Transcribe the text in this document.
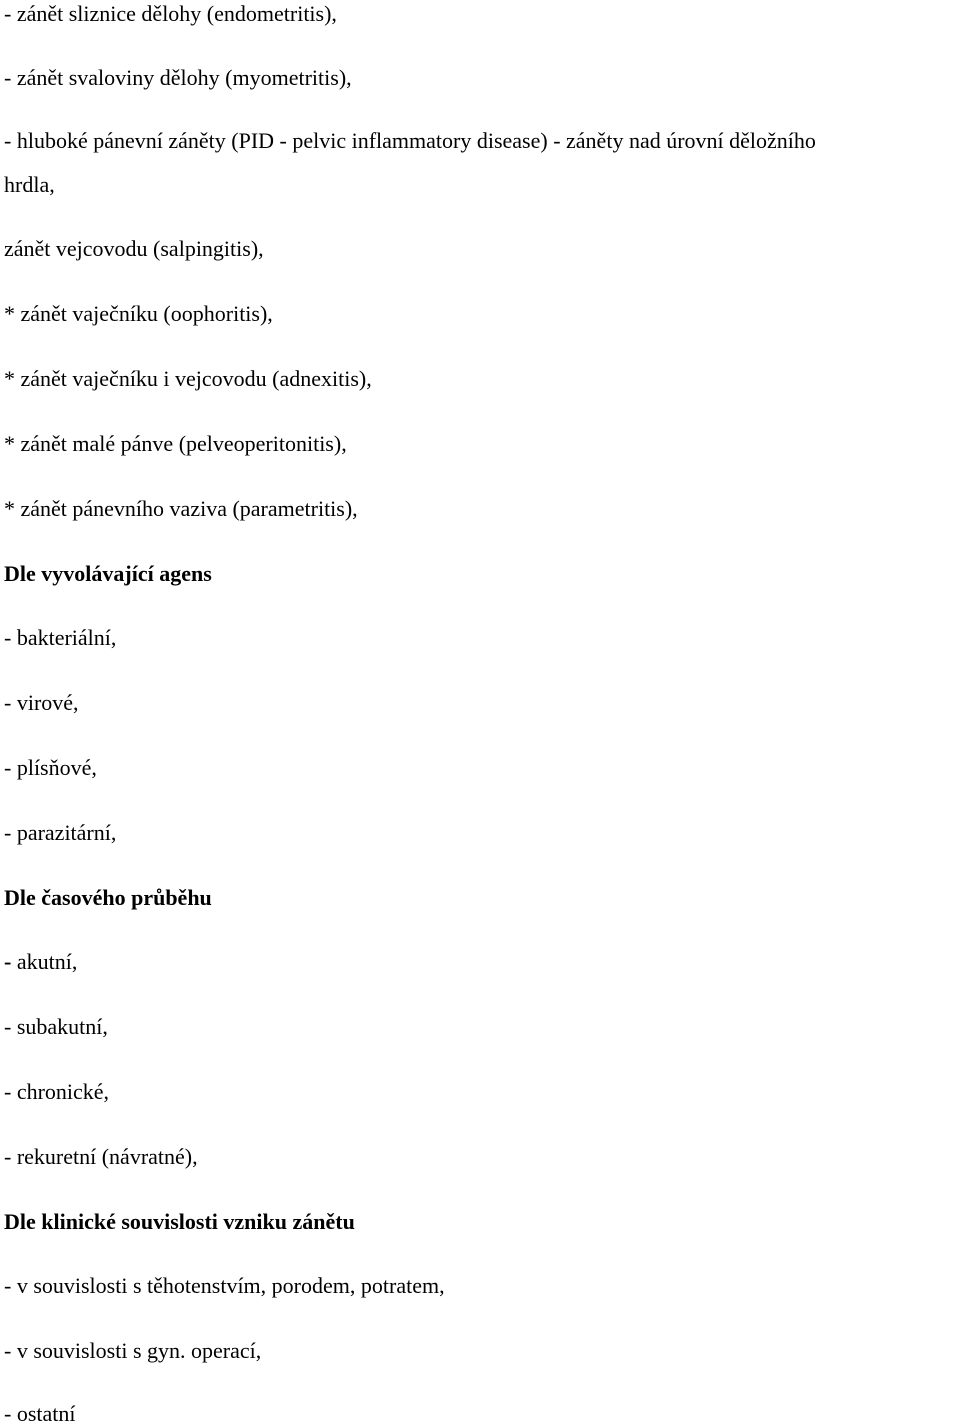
- zánět sliznice dělohy (endometritis),

- zánět svaloviny dělohy (myometritis),

- hluboké pánevní záněty (PID - pelvic inflammatory disease) - záněty nad úrovní děložního

hrdla,

zánět vejcovodu (salpingitis),

* zánět vaječníku (oophoritis),

* zánět vaječníku i vejcovodu (adnexitis),

* zánět malé pánve (pelveoperitonitis),

* zánět pánevního vaziva (parametritis),

Dle vyvolávající agens

- bakteriální,

- virové,

- plísňové,

- parazitární,

Dle časového průběhu

- akutní,

- subakutní,

- chronické,

- rekuretní (návratné),

Dle klinické souvislosti vzniku zánětu

- v souvislosti s těhotenstvím, porodem, potratem,

- v souvislosti s gyn. operací,

- ostatní
